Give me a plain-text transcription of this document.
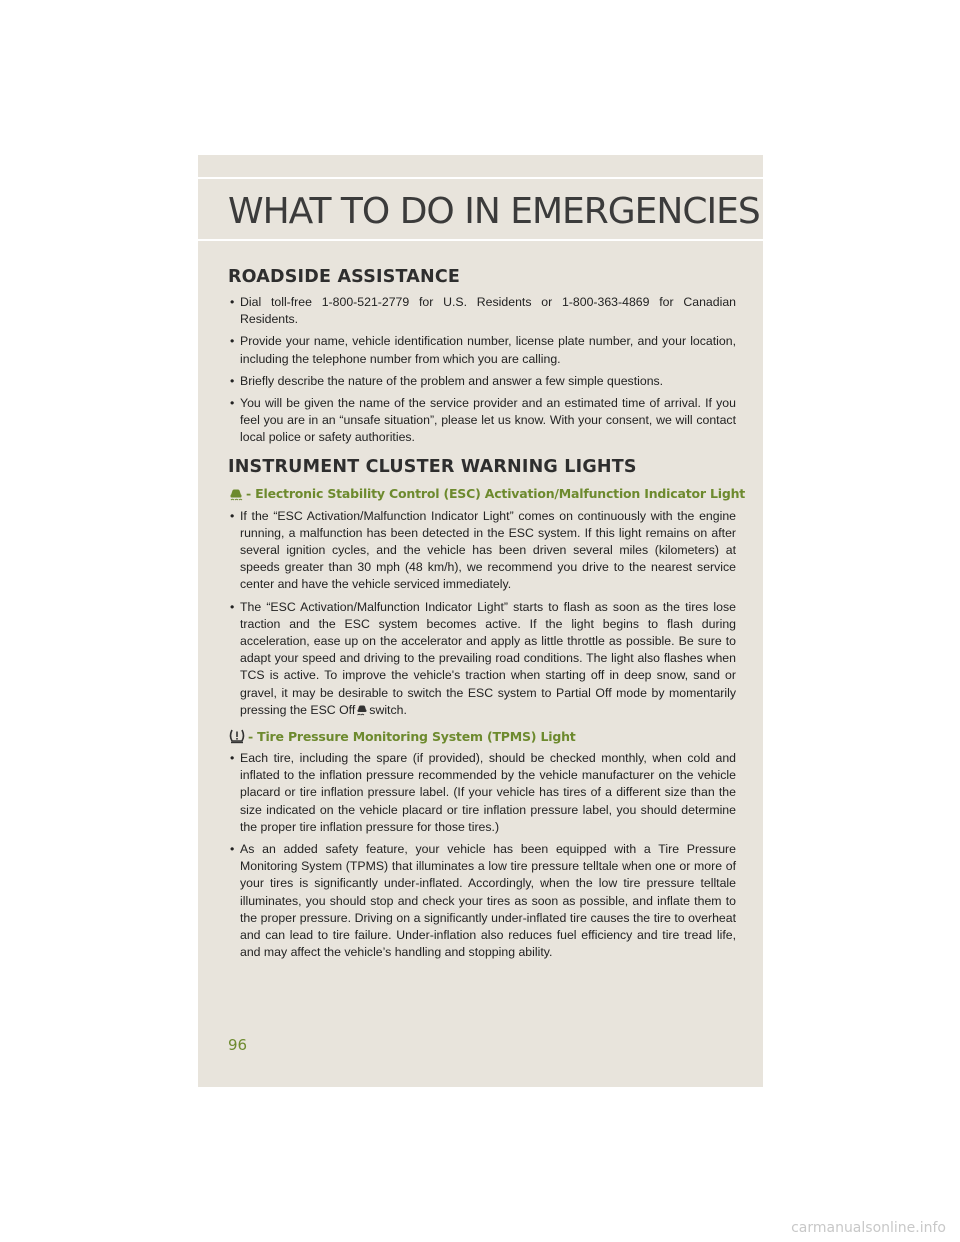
WHAT TO DO IN EMERGENCIES
ROADSIDE ASSISTANCE
• Dial toll-free 1-800-521-2779 for U.S. Residents or 1-800-363-4869 for Canadian Residents.
• Provide your name, vehicle identification number, license plate number, and your location, including the telephone number from which you are calling.
• Briefly describe the nature of the problem and answer a few simple questions.
• You will be given the name of the service provider and an estimated time of arrival. If you feel you are in an “unsafe situation”, please let us know. With your consent, we will contact local police or safety authorities.
INSTRUMENT CLUSTER WARNING LIGHTS
- Electronic Stability Control (ESC) Activation/Malfunction Indicator Light
• If the “ESC Activation/Malfunction Indicator Light” comes on continuously with the engine running, a malfunction has been detected in the ESC system. If this light remains on after several ignition cycles, and the vehicle has been driven several miles (kilometers) at speeds greater than 30 mph (48 km/h), we recommend you drive to the nearest service center and have the vehicle serviced immediately.
• The “ESC Activation/Malfunction Indicator Light” starts to flash as soon as the tires lose traction and the ESC system becomes active. If the light begins to flash during acceleration, ease up on the accelerator and apply as little throttle as possible. Be sure to adapt your speed and driving to the prevailing road conditions. The light also flashes when TCS is active. To improve the vehicle's traction when starting off in deep snow, sand or gravel, it may be desirable to switch the ESC system to Partial Off mode by momentarily pressing the ESC Off switch.
- Tire Pressure Monitoring System (TPMS) Light
• Each tire, including the spare (if provided), should be checked monthly, when cold and inflated to the inflation pressure recommended by the vehicle manufacturer on the vehicle placard or tire inflation pressure label. (If your vehicle has tires of a different size than the size indicated on the vehicle placard or tire inflation pressure label, you should determine the proper tire inflation pressure for those tires.)
• As an added safety feature, your vehicle has been equipped with a Tire Pressure Monitoring System (TPMS) that illuminates a low tire pressure telltale when one or more of your tires is significantly under-inflated. Accordingly, when the low tire pressure telltale illuminates, you should stop and check your tires as soon as possible, and inflate them to the proper pressure. Driving on a significantly under-inflated tire causes the tire to overheat and can lead to tire failure. Under-inflation also reduces fuel efficiency and tire tread life, and may affect the vehicle’s handling and stopping ability.
96
carmanualsonline.info
